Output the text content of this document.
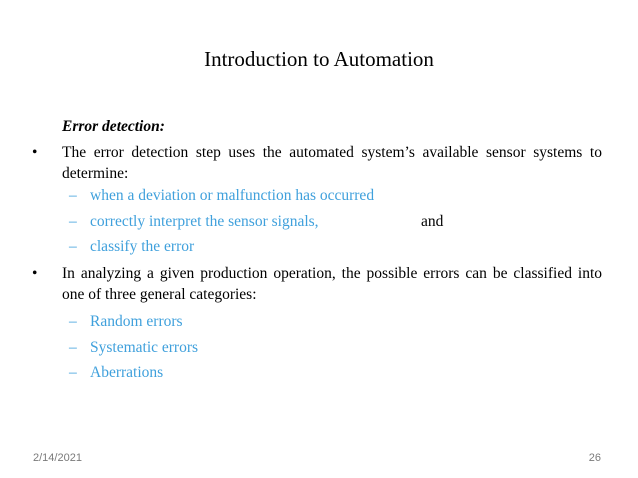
Introduction to Automation
Error detection:
•	The error detection step uses the automated system’s available sensor systems to determine:
– when a deviation or malfunction has occurred
– correctly interpret the sensor signals,	and
– classify the error
•	In analyzing a given production operation, the possible errors can be classified into one of three general categories:
– Random errors
– Systematic errors
– Aberrations
2/14/2021	26
